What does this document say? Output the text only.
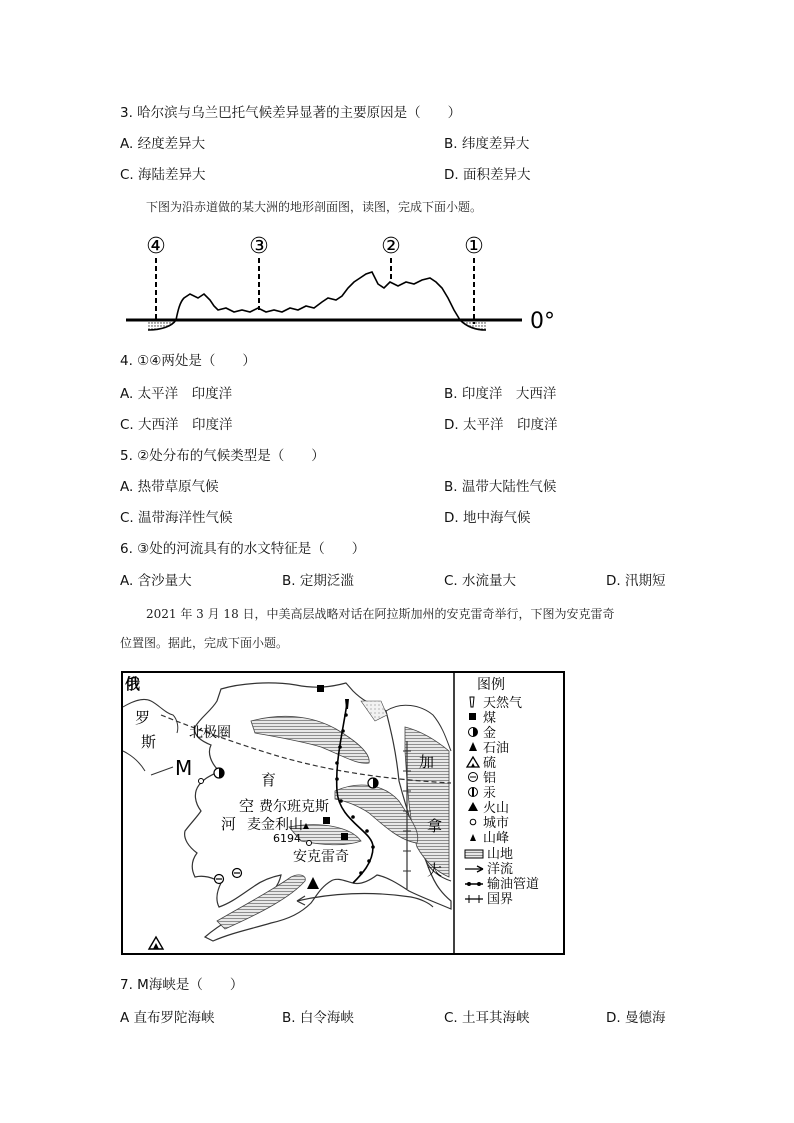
3. 哈尔滨与乌兰巴托气候差异显著的主要原因是（　　）
A. 经度差异大	B. 纬度差异大
C. 海陆差异大	D. 面积差异大
下图为沿赤道做的某大洲的地形剖面图，读图，完成下面小题。
④	③	②	①
0°
4. ①④两处是（　　）
A. 太平洋　印度洋	B. 印度洋　大西洋
C. 大西洋　印度洋	D. 太平洋　印度洋
5. ②处分布的气候类型是（　　）
A. 热带草原气候	B. 温带大陆性气候
C. 温带海洋性气候	D. 地中海气候
6. ③处的河流具有的水文特征是（　　）
A. 含沙量大	B. 定期泛滥	C. 水流量大	D. 汛期短
2021 年 3 月 18 日，中美高层战略对话在阿拉斯加州的安克雷奇举行，下图为安克雷奇
位置图。据此，完成下面小题。
俄
罗
斯 北极圈
M	育
空 费尔班克斯
河 麦金利山
6194
安克雷奇
加
拿
大
图例
天然气
煤
金
石油
硫
铝
汞
火山
城市
山峰
山地
洋流
输油管道
国界
7. M海峡是（　　）
A 直布罗陀海峡	B. 白令海峡	C. 土耳其海峡	D. 曼德海
